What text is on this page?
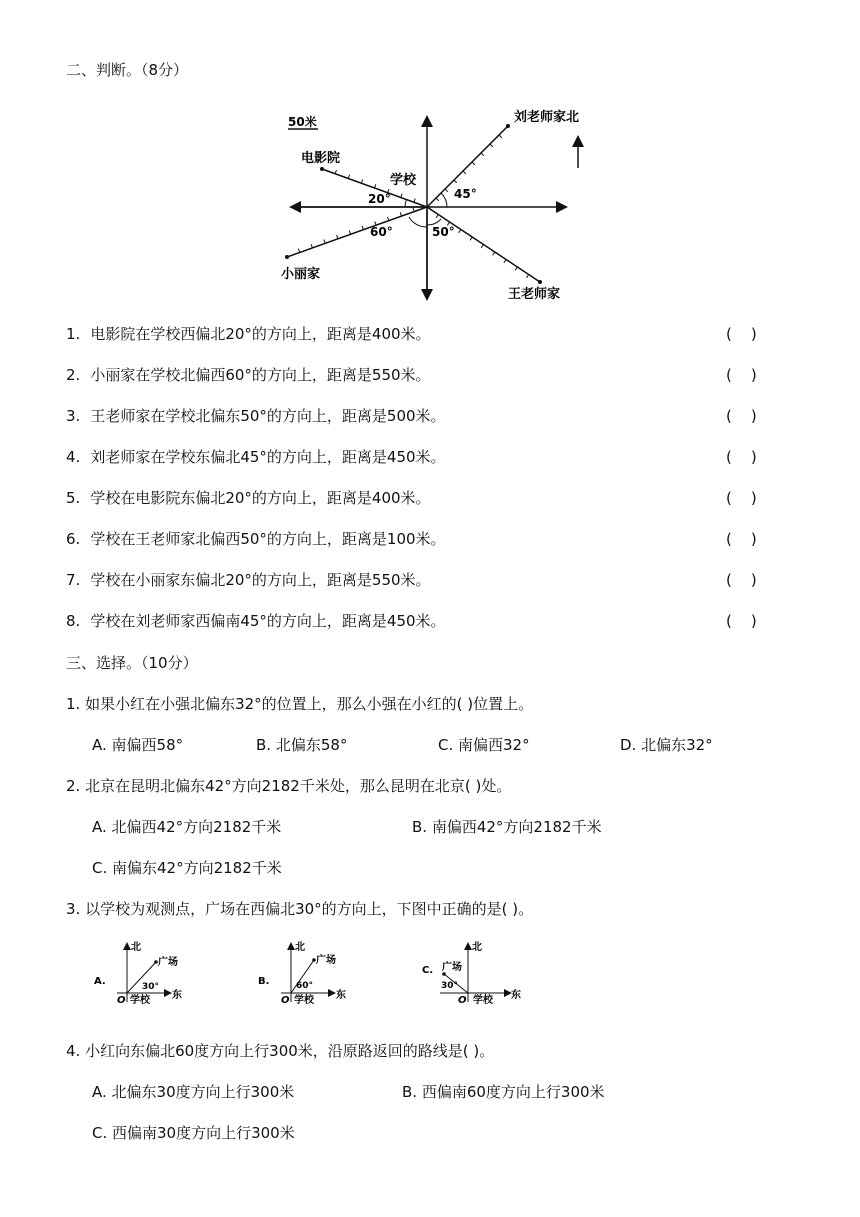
二、判断。（8分）
50米
电影院
学校
刘老师家北
小丽家
王老师家
20°	45°
60°	50°
1. 电影院在学校西偏北20°的方向上，距离是400米。	(    )
2. 小丽家在学校北偏西60°的方向上，距离是550米。	(    )
3. 王老师家在学校北偏东50°的方向上，距离是500米。	(    )
4. 刘老师家在学校东偏北45°的方向上，距离是450米。	(    )
5. 学校在电影院东偏北20°的方向上，距离是400米。	(    )
6. 学校在王老师家北偏西50°的方向上，距离是100米。	(    )
7. 学校在小丽家东偏北20°的方向上，距离是550米。	(    )
8. 学校在刘老师家西偏南45°的方向上，距离是450米。	(    )
三、选择。（10分）
1. 如果小红在小强北偏东32°的位置上，那么小强在小红的( )位置上。
A. 南偏西58°	B. 北偏东58°	C. 南偏西32°	D. 北偏东32°
2. 北京在昆明北偏东42°方向2182千米处，那么昆明在北京( )处。
A. 北偏西42°方向2182千米	B. 南偏西42°方向2182千米
C. 南偏东42°方向2182千米
3. 以学校为观测点，广场在西偏北30°的方向上，下图中正确的是( )。
A.
北
广场
30°
O 学校 东
B.
北
广场
60°
O 学校 东
C.
北
广场
30°
O 学校 东
4. 小红向东偏北60度方向上行300米，沿原路返回的路线是( )。
A. 北偏东30度方向上行300米	B. 西偏南60度方向上行300米
C. 西偏南30度方向上行300米
